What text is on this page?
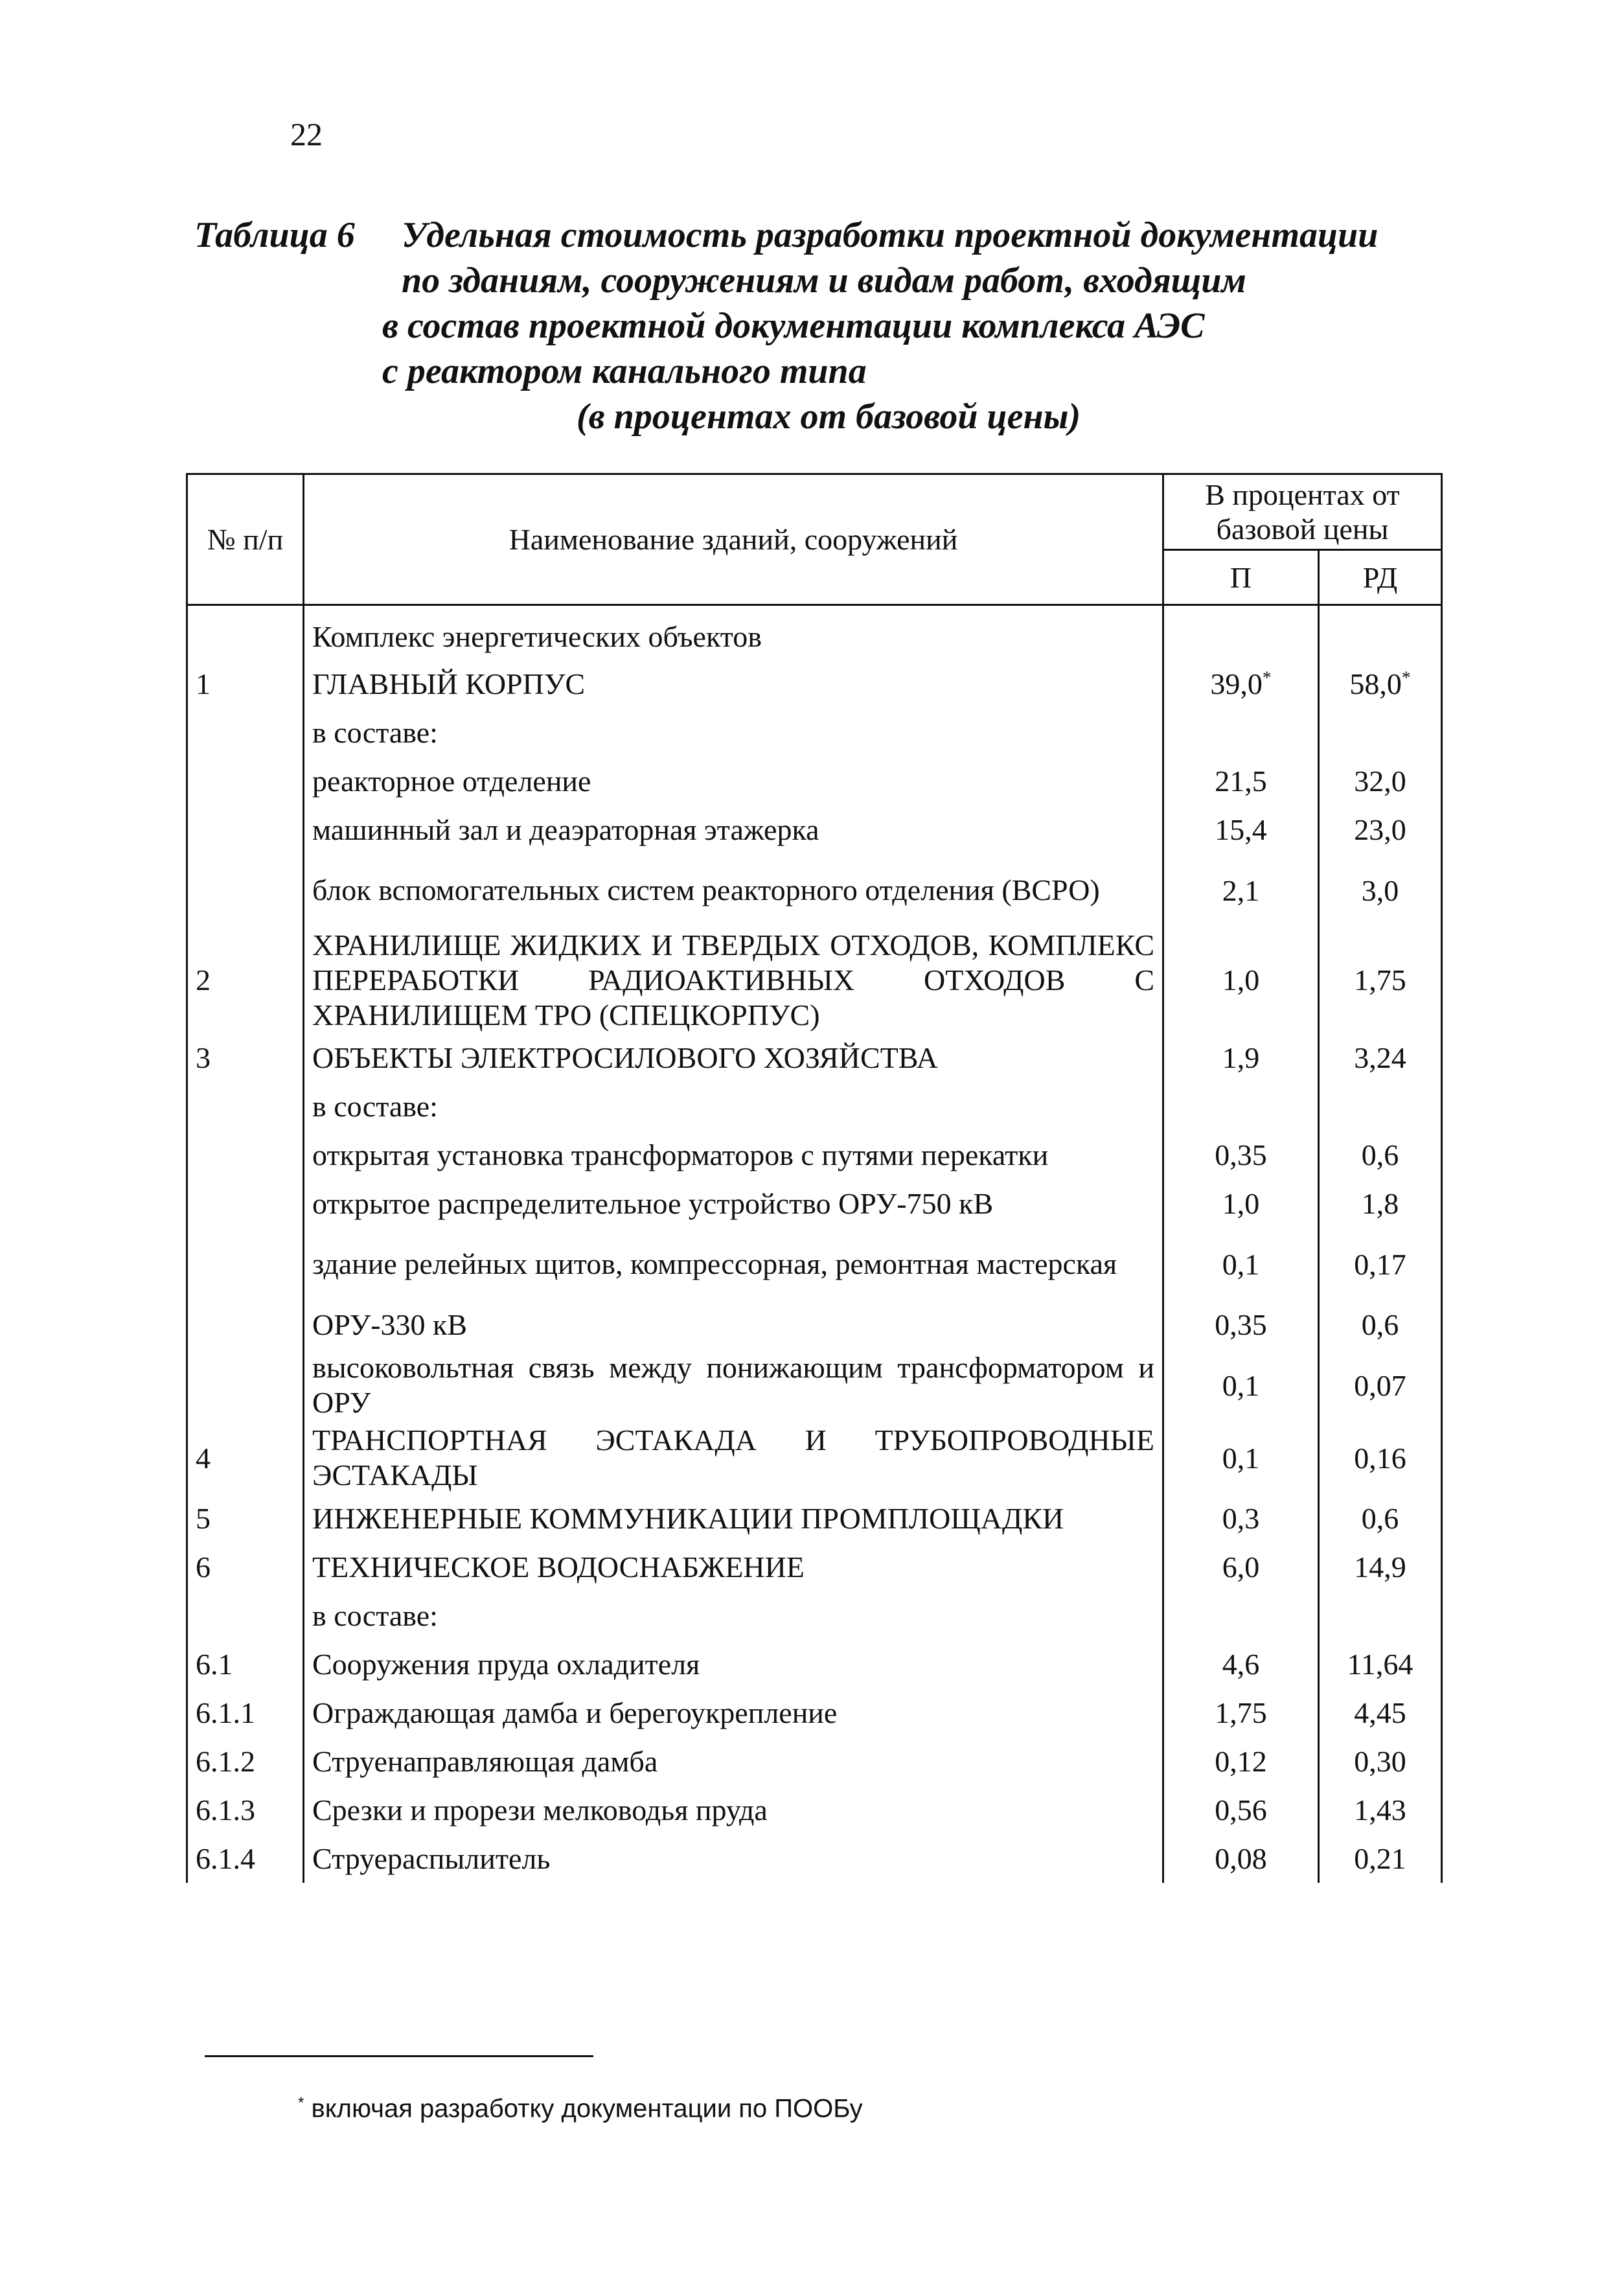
22
Таблица 6 Удельная стоимость разработки проектной документации
по зданиям, сооружениям и видам работ, входящим
в состав проектной документации комплекса АЭС
с реактором канального типа
(в процентах от базовой цены)
№ п/п	Наименование зданий, сооружений	В процентах от базовой цены	
		П	РД
	Комплекс энергетических объектов		
1	ГЛАВНЫЙ КОРПУС	39,0*	58,0*
	в составе:		
	реакторное отделение	21,5	32,0
	машинный зал и деаэраторная этажерка	15,4	23,0
	блок вспомогательных систем реакторного отделения (ВСРО)	2,1	3,0
2	ХРАНИЛИЩЕ ЖИДКИХ И ТВЕРДЫХ ОТХОДОВ, КОМПЛЕКС ПЕРЕРАБОТКИ РАДИОАКТИВНЫХ ОТХОДОВ С ХРАНИЛИЩЕМ ТРО (СПЕЦКОРПУС)	1,0	1,75
3	ОБЪЕКТЫ ЭЛЕКТРОСИЛОВОГО ХОЗЯЙСТВА	1,9	3,24
	в составе:		
	открытая установка трансформаторов с путями перекатки	0,35	0,6
	открытое распределительное устройство ОРУ-750 кВ	1,0	1,8
	здание релейных щитов, компрессорная, ремонтная мастерская	0,1	0,17
	ОРУ-330 кВ	0,35	0,6
	высоковольтная связь между понижающим трансформатором и ОРУ	0,1	0,07
4	ТРАНСПОРТНАЯ ЭСТАКАДА И ТРУБОПРОВОДНЫЕ ЭСТАКАДЫ	0,1	0,16
5	ИНЖЕНЕРНЫЕ КОММУНИКАЦИИ ПРОМПЛОЩАДКИ	0,3	0,6
6	ТЕХНИЧЕСКОЕ ВОДОСНАБЖЕНИЕ	6,0	14,9
	в составе:		
6.1	Сооружения пруда охладителя	4,6	11,64
6.1.1	Ограждающая дамба и берегоукрепление	1,75	4,45
6.1.2	Струенаправляющая дамба	0,12	0,30
6.1.3	Срезки и прорези мелководья пруда	0,56	1,43
6.1.4	Струераспылитель	0,08	0,21
* включая разработку документации по ПООБу
